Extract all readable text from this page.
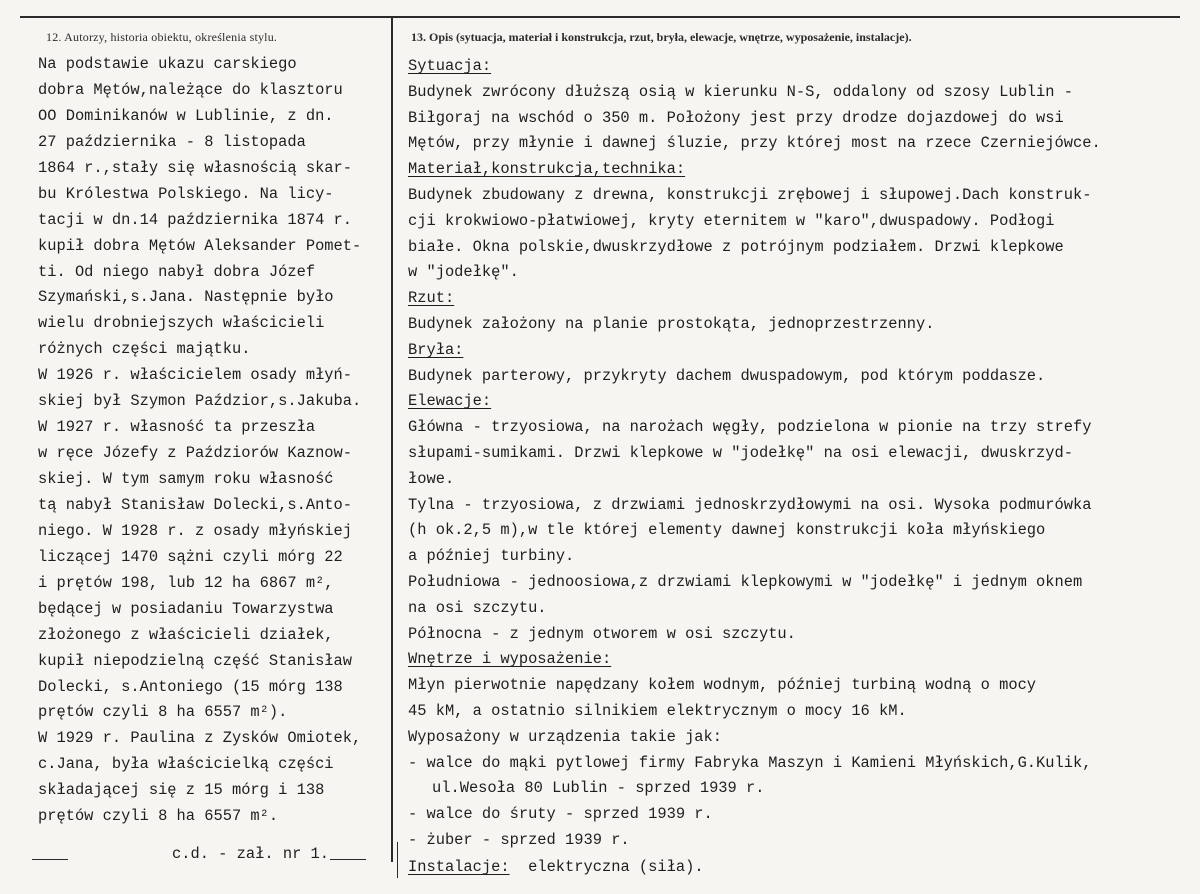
12. Autorzy, historia obiektu, określenia stylu.	13. Opis (sytuacja, materiał i konstrukcja, rzut, bryła, elewacje, wnętrze, wyposażenie, instalacje).
Na podstawie ukazu carskiego
dobra Mętów,należące do klasztoru
OO Dominikanów w Lublinie, z dn.
27 października - 8 listopada
1864 r.,stały się własnością skar-
bu Królestwa Polskiego. Na licy-
tacji w dn.14 października 1874 r.
kupił dobra Mętów Aleksander Pomet-
ti. Od niego nabył dobra Józef
Szymański,s.Jana. Następnie było
wielu drobniejszych właścicieli
różnych części majątku.
W 1926 r. właścicielem osady młyń-
skiej był Szymon Paździor,s.Jakuba.
W 1927 r. własność ta przeszła
w ręce Józefy z Paździorów Kaznow-
skiej. W tym samym roku własność
tą nabył Stanisław Dolecki,s.Anto-
niego. W 1928 r. z osady młyńskiej
liczącej 1470 sążni czyli mórg 22
i prętów 198, lub 12 ha 6867 m²,
będącej w posiadaniu Towarzystwa
złożonego z właścicieli działek,
kupił niepodzielną część Stanisław
Dolecki, s.Antoniego (15 mórg 138
prętów czyli 8 ha 6557 m²).
W 1929 r. Paulina z Zysków Omiotek,
c.Jana, była właścicielką części
składającej się z 15 mórg i 138
prętów czyli 8 ha 6557 m².
Sytuacja:
Budynek zwrócony dłuższą osią w kierunku N-S, oddalony od szosy Lublin -
Biłgoraj na wschód o 350 m. Położony jest przy drodze dojazdowej do wsi
Mętów, przy młynie i dawnej śluzie, przy której most na rzece Czerniejówce.
Materiał,konstrukcja,technika:
Budynek zbudowany z drewna, konstrukcji zrębowej i słupowej.Dach konstruk-
cji krokwiowo-płatwiowej, kryty eternitem w "karo",dwuspadowy. Podłogi
białe. Okna polskie,dwuskrzydłowe z potrójnym podziałem. Drzwi klepkowe
w "jodełkę".
Rzut:
Budynek założony na planie prostokąta, jednoprzestrzenny.
Bryła:
Budynek parterowy, przykryty dachem dwuspadowym, pod którym poddasze.
Elewacje:
Główna - trzyosiowa, na narożach węgły, podzielona w pionie na trzy strefy
słupami-sumikami. Drzwi klepkowe w "jodełkę" na osi elewacji, dwuskrzyd-
łowe.
Tylna - trzyosiowa, z drzwiami jednoskrzydłowymi na osi. Wysoka podmurówka
(h ok.2,5 m),w tle której elementy dawnej konstrukcji koła młyńskiego
a później turbiny.
Południowa - jednoosiowa,z drzwiami klepkowymi w "jodełkę" i jednym oknem
na osi szczytu.
Północna - z jednym otworem w osi szczytu.
Wnętrze i wyposażenie:
Młyn pierwotnie napędzany kołem wodnym, później turbiną wodną o mocy
45 kM, a ostatnio silnikiem elektrycznym o mocy 16 kM.
Wyposażony w urządzenia takie jak:
- walce do mąki pytlowej firmy Fabryka Maszyn i Kamieni Młyńskich,G.Kulik,
ul.Wesoła 80 Lublin - sprzed 1939 r.
- walce do śruty - sprzed 1939 r.
- żuber - sprzed 1939 r.
c.d. - zał. nr 1.
Instalacje: elektryczna (siła).
